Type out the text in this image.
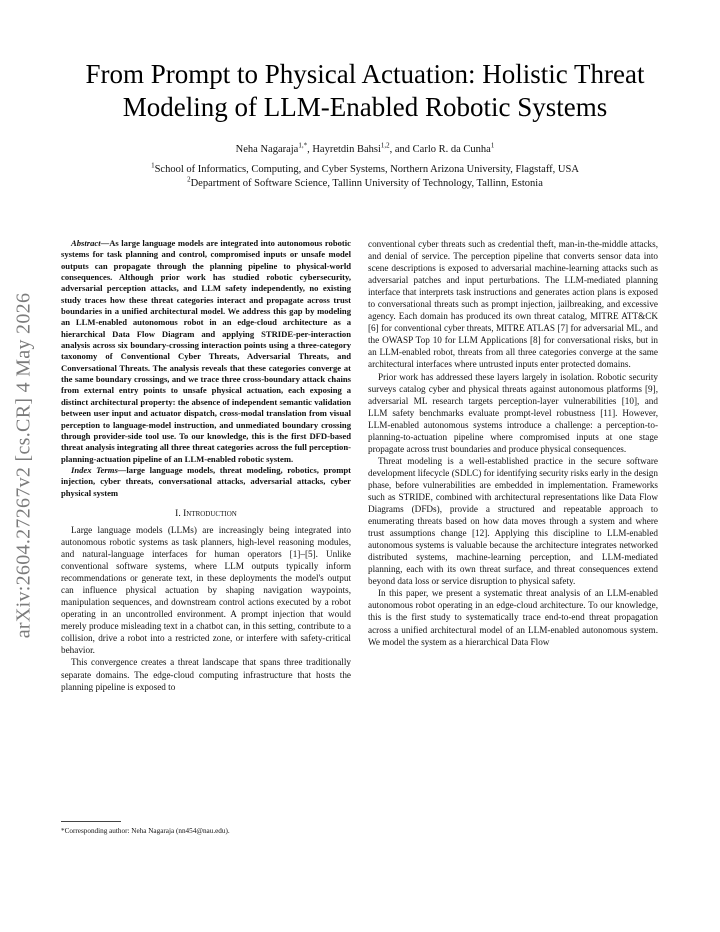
arXiv:2604.27267v2 [cs.CR] 4 May 2026
From Prompt to Physical Actuation: Holistic Threat Modeling of LLM-Enabled Robotic Systems
Neha Nagaraja$^{1,*}$, Hayretdin Bahsi$^{1,2}$, and Carlo R. da Cunha$^1$
$^1$School of Informatics, Computing, and Cyber Systems, Northern Arizona University, Flagstaff, USA
$^2$Department of Software Science, Tallinn University of Technology, Tallinn, Estonia

Abstract—As large language models are integrated into autonomous robotic systems for task planning and control, compromised inputs or unsafe model outputs can propagate through the planning pipeline to physical-world consequences. Although prior work has studied robotic cybersecurity, adversarial perception attacks, and LLM safety independently, no existing study traces how these threat categories interact and propagate across trust boundaries in a unified architectural model. We address this gap by modeling an LLM-enabled autonomous robot in an edge-cloud architecture as a hierarchical Data Flow Diagram and applying STRIDE-per-interaction analysis across six boundary-crossing interaction points using a three-category taxonomy of Conventional Cyber Threats, Adversarial Threats, and Conversational Threats. The analysis reveals that these categories converge at the same boundary crossings, and we trace three cross-boundary attack chains from external entry points to unsafe physical actuation, each exposing a distinct architectural property: the absence of independent semantic validation between user input and actuator dispatch, cross-modal translation from visual perception to language-model instruction, and unmediated boundary crossing through provider-side tool use. To our knowledge, this is the first DFD-based threat analysis integrating all three threat categories across the full perception-planning-actuation pipeline of an LLM-enabled robotic system.

Index Terms—large language models, threat modeling, robotics, prompt injection, cyber threats, conversational attacks, adversarial attacks, cyber physical system

I. Introduction

Large language models (LLMs) are increasingly being integrated into autonomous robotic systems as task planners, high-level reasoning modules, and natural-language interfaces for human operators [1]–[5]. Unlike conventional software systems, where LLM outputs typically inform recommendations or generate text, in these deployments the model's output can influence physical actuation by shaping navigation waypoints, manipulation sequences, and downstream control actions executed by a robot operating in an uncontrolled environment. A prompt injection that would merely produce misleading text in a chatbot can, in this setting, contribute to a collision, drive a robot into a restricted zone, or interfere with safety-critical behavior.

This convergence creates a threat landscape that spans three traditionally separate domains. The edge-cloud computing infrastructure that hosts the planning pipeline is exposed to

conventional cyber threats such as credential theft, man-in-the-middle attacks, and denial of service. The perception pipeline that converts sensor data into scene descriptions is exposed to adversarial machine-learning attacks such as adversarial patches and input perturbations. The LLM-mediated planning interface that interprets task instructions and generates action plans is exposed to conversational threats such as prompt injection, jailbreaking, and excessive agency. Each domain has produced its own threat catalog, MITRE ATT&CK [6] for conventional cyber threats, MITRE ATLAS [7] for adversarial ML, and the OWASP Top 10 for LLM Applications [8] for conversational risks, but in an LLM-enabled robot, threats from all three categories converge at the same architectural interfaces where untrusted inputs enter protected domains.

Prior work has addressed these layers largely in isolation. Robotic security surveys catalog cyber and physical threats against autonomous platforms [9], adversarial ML research targets perception-layer vulnerabilities [10], and LLM safety benchmarks evaluate prompt-level robustness [11]. However, LLM-enabled autonomous systems introduce a challenge: a perception-to-planning-to-actuation pipeline where compromised inputs at one stage propagate across trust boundaries and produce physical consequences.

Threat modeling is a well-established practice in the secure software development lifecycle (SDLC) for identifying security risks early in the design phase, before vulnerabilities are embedded in implementation. Frameworks such as STRIDE, combined with architectural representations like Data Flow Diagrams (DFDs), provide a structured and repeatable approach to enumerating threats based on how data moves through a system and where trust assumptions change [12]. Applying this discipline to LLM-enabled autonomous systems is valuable because the architecture integrates networked distributed systems, machine-learning perception, and LLM-mediated planning, each with its own threat surface, and threat consequences extend beyond data loss or service disruption to physical safety.

In this paper, we present a systematic threat analysis of an LLM-enabled autonomous robot operating in an edge-cloud architecture. To our knowledge, this is the first study to systematically trace end-to-end threat propagation across a unified architectural model of an LLM-enabled autonomous system. We model the system as a hierarchical Data Flow

*Corresponding author: Neha Nagaraja (nn454@nau.edu).
